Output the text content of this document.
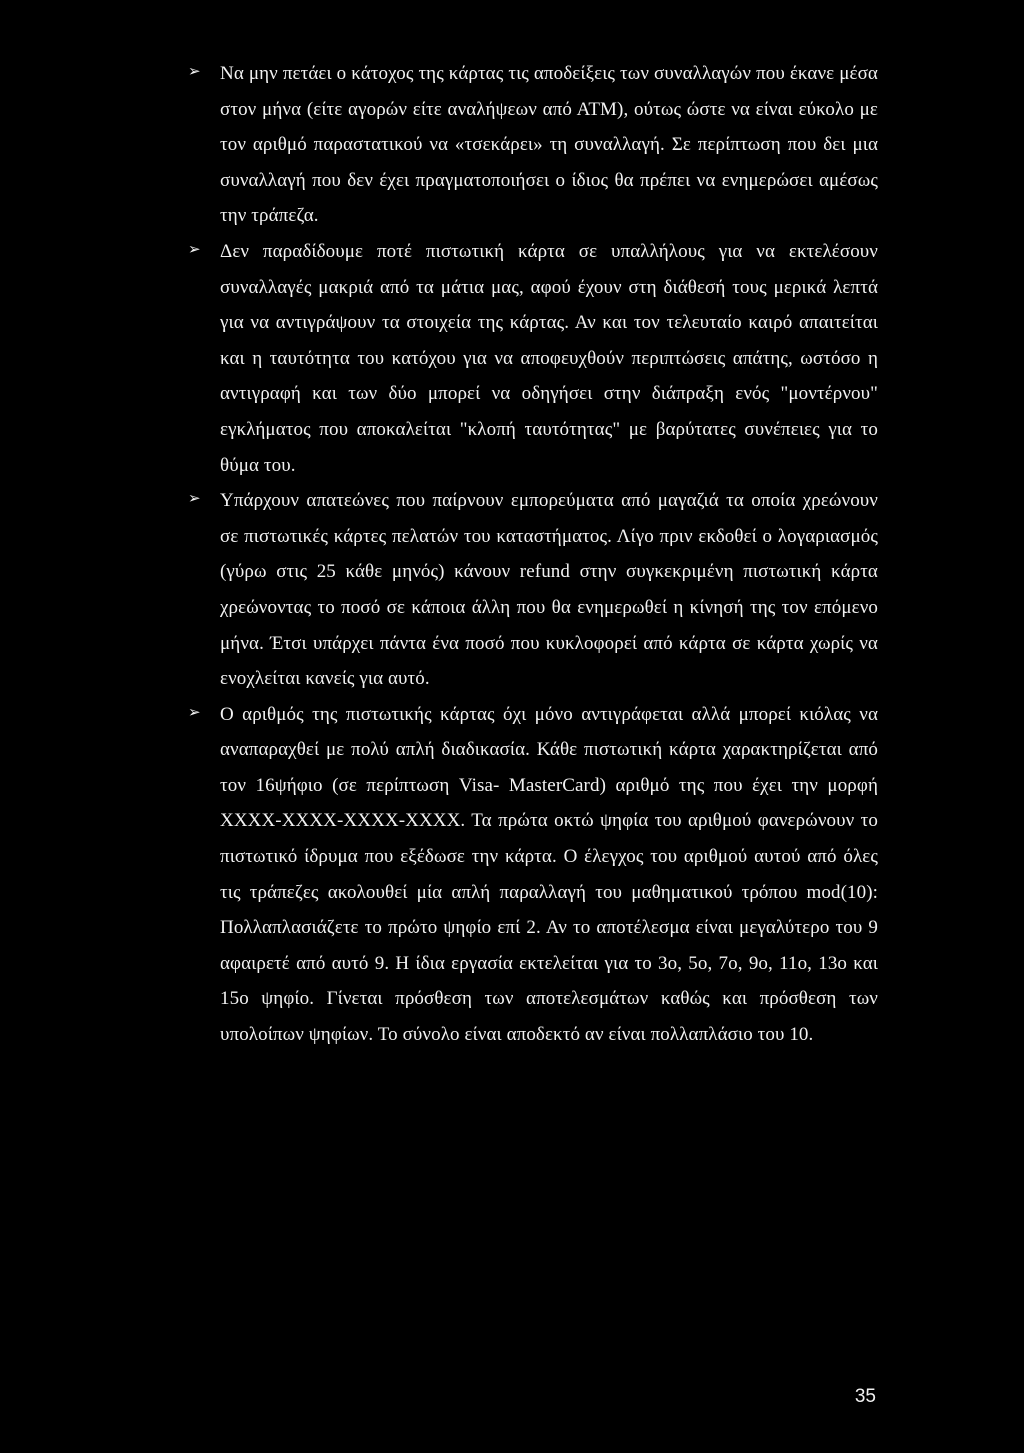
➢ Να μην πετάει ο κάτοχος της κάρτας τις αποδείξεις των συναλλαγών που έκανε μέσα στον μήνα (είτε αγορών είτε αναλήψεων από ΑΤΜ), ούτως ώστε να είναι εύκολο με τον αριθμό παραστατικού να «τσεκάρει» τη συναλλαγή. Σε περίπτωση που δει μια συναλλαγή που δεν έχει πραγματοποιήσει ο ίδιος θα πρέπει να ενημερώσει αμέσως την τράπεζα.
➢ Δεν παραδίδουμε ποτέ πιστωτική κάρτα σε υπαλλήλους για να εκτελέσουν συναλλαγές μακριά από τα μάτια μας, αφού έχουν στη διάθεσή τους μερικά λεπτά για να αντιγράψουν τα στοιχεία της κάρτας. Αν και τον τελευταίο καιρό απαιτείται και η ταυτότητα του κατόχου για να αποφευχθούν περιπτώσεις απάτης, ωστόσο η αντιγραφή και των δύο μπορεί να οδηγήσει στην διάπραξη ενός "μοντέρνου" εγκλήματος που αποκαλείται "κλοπή ταυτότητας" με βαρύτατες συνέπειες για το θύμα του.
➢ Υπάρχουν απατεώνες που παίρνουν εμπορεύματα από μαγαζιά τα οποία χρεώνουν σε πιστωτικές κάρτες πελατών του καταστήματος. Λίγο πριν εκδοθεί ο λογαριασμός (γύρω στις 25 κάθε μηνός) κάνουν refund στην συγκεκριμένη πιστωτική κάρτα χρεώνοντας το ποσό σε κάποια άλλη που θα ενημερωθεί η κίνησή της τον επόμενο μήνα. Έτσι υπάρχει πάντα ένα ποσό που κυκλοφορεί από κάρτα σε κάρτα χωρίς να ενοχλείται κανείς για αυτό.
➢ Ο αριθμός της πιστωτικής κάρτας όχι μόνο αντιγράφεται αλλά μπορεί κιόλας να αναπαραχθεί με πολύ απλή διαδικασία. Κάθε πιστωτική κάρτα χαρακτηρίζεται από τον 16ψήφιο (σε περίπτωση Visa- MasterCard) αριθμό της που έχει την μορφή ΧΧΧΧ-ΧΧΧΧ-ΧΧΧΧ-ΧΧΧΧ. Τα πρώτα οκτώ ψηφία του αριθμού φανερώνουν το πιστωτικό ίδρυμα που εξέδωσε την κάρτα. Ο έλεγχος του αριθμού αυτού από όλες τις τράπεζες ακολουθεί μία απλή παραλλαγή του μαθηματικού τρόπου mod(10): Πολλαπλασιάζετε το πρώτο ψηφίο επί 2. Αν το αποτέλεσμα είναι μεγαλύτερο του 9 αφαιρετέ από αυτό 9. Η ίδια εργασία εκτελείται για το 3ο, 5ο, 7ο, 9ο, 11ο, 13ο και 15ο ψηφίο. Γίνεται πρόσθεση των αποτελεσμάτων καθώς και πρόσθεση των υπολοίπων ψηφίων. Το σύνολο είναι αποδεκτό αν είναι πολλαπλάσιο του 10.
35
